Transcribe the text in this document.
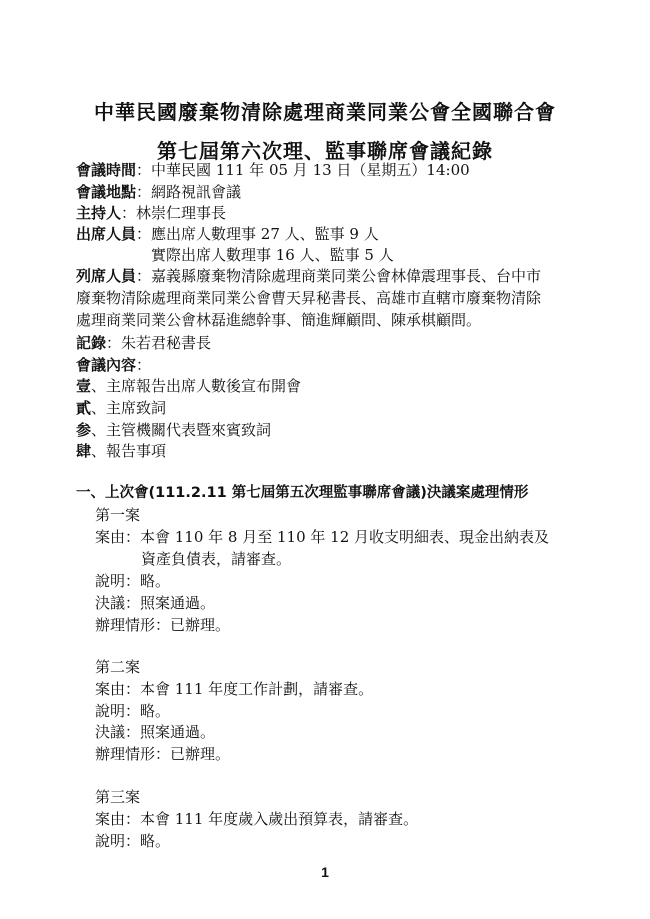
中華民國廢棄物清除處理商業同業公會全國聯合會
第七屆第六次理、監事聯席會議紀錄
會議時間：中華民國 111 年 05 月 13 日（星期五）14:00
會議地點：網路視訊會議
主持人：林崇仁理事長
出席人員：應出席人數理事 27 人、監事 9 人
實際出席人數理事 16 人、監事 5 人
列席人員：嘉義縣廢棄物清除處理商業同業公會林偉震理事長、台中市
廢棄物清除處理商業同業公會曹天昇秘書長、高雄市直轄市廢棄物清除
處理商業同業公會林磊進總幹事、簡進輝顧問、陳承棋顧問。
記錄：朱若君秘書長
會議內容：
壹、主席報告出席人數後宣布開會
貳、主席致詞
参、主管機關代表暨來賓致詞
肆、報告事項
一、上次會(111.2.11 第七屆第五次理監事聯席會議)決議案處理情形
第一案
案由：本會 110 年 8 月至 110 年 12 月收支明細表、現金出納表及
資產負債表，請審查。
說明：略。
決議：照案通過。
辦理情形：已辦理。
第二案
案由：本會 111 年度工作計劃，請審查。
說明：略。
決議：照案通過。
辦理情形：已辦理。
第三案
案由：本會 111 年度歲入歲出預算表，請審查。
說明：略。
1
